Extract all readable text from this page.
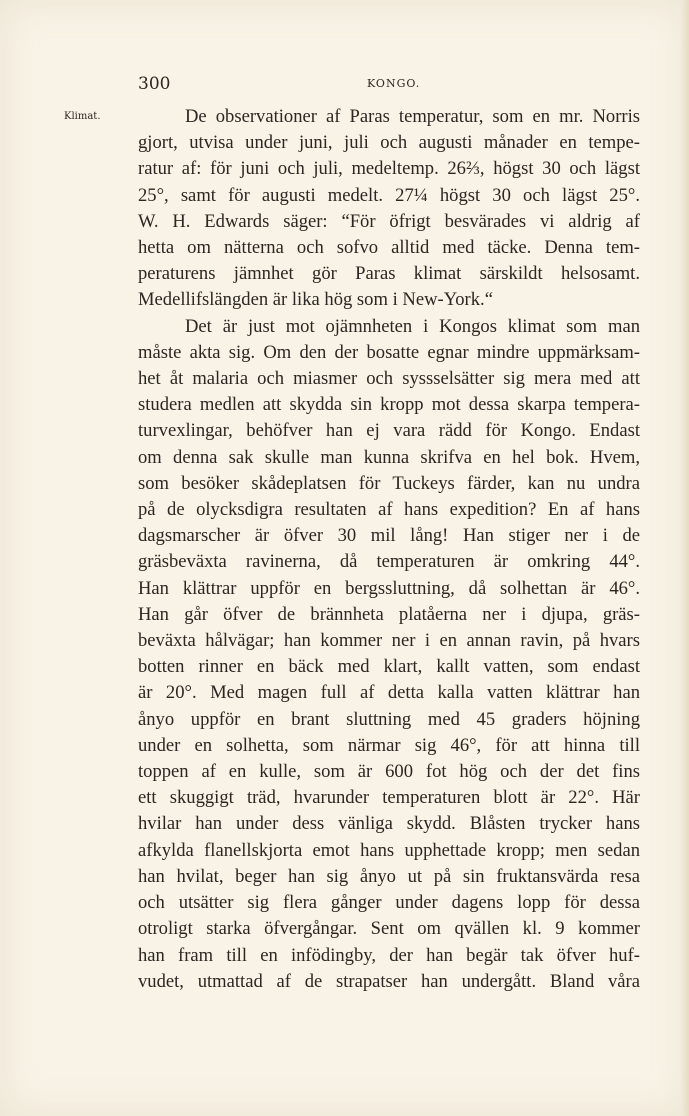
300	KONGO.
Klimat.	De observationer af Paras temperatur, som en mr. Norris
gjort, utvisa under juni, juli och augusti månader en tempe-
ratur af: för juni och juli, medeltemp. 26⅔, högst 30 och lägst
25°, samt för augusti medelt. 27¼ högst 30 och lägst 25°.
W. H. Edwards säger: “För öfrigt besvärades vi aldrig af
hetta om nätterna och sofvo alltid med täcke. Denna tem-
peraturens jämnhet gör Paras klimat särskildt helsosamt.
Medellifslängden är lika hög som i New-York.“
Det är just mot ojämnheten i Kongos klimat som man
måste akta sig. Om den der bosatte egnar mindre uppmärksam-
het åt malaria och miasmer och syssselsätter sig mera med att
studera medlen att skydda sin kropp mot dessa skarpa tempera-
turvexlingar, behöfver han ej vara rädd för Kongo. Endast
om denna sak skulle man kunna skrifva en hel bok. Hvem,
som besöker skådeplatsen för Tuckeys färder, kan nu undra
på de olycksdigra resultaten af hans expedition? En af hans
dagsmarscher är öfver 30 mil lång! Han stiger ner i de
gräsbeväxta ravinerna, då temperaturen är omkring 44°.
Han klättrar uppför en bergssluttning, då solhettan är 46°.
Han går öfver de brännheta platåerna ner i djupa, gräs-
beväxta hålvägar; han kommer ner i en annan ravin, på hvars
botten rinner en bäck med klart, kallt vatten, som endast
är 20°. Med magen full af detta kalla vatten klättrar han
ånyo uppför en brant sluttning med 45 graders höjning
under en solhetta, som närmar sig 46°, för att hinna till
toppen af en kulle, som är 600 fot hög och der det fins
ett skuggigt träd, hvarunder temperaturen blott är 22°. Här
hvilar han under dess vänliga skydd. Blåsten trycker hans
afkylda flanellskjorta emot hans upphettade kropp; men sedan
han hvilat, beger han sig ånyo ut på sin fruktansvärda resa
och utsätter sig flera gånger under dagens lopp för dessa
otroligt starka öfvergångar. Sent om qvällen kl. 9 kommer
han fram till en infödingby, der han begär tak öfver huf-
vudet, utmattad af de strapatser han undergått. Bland våra
